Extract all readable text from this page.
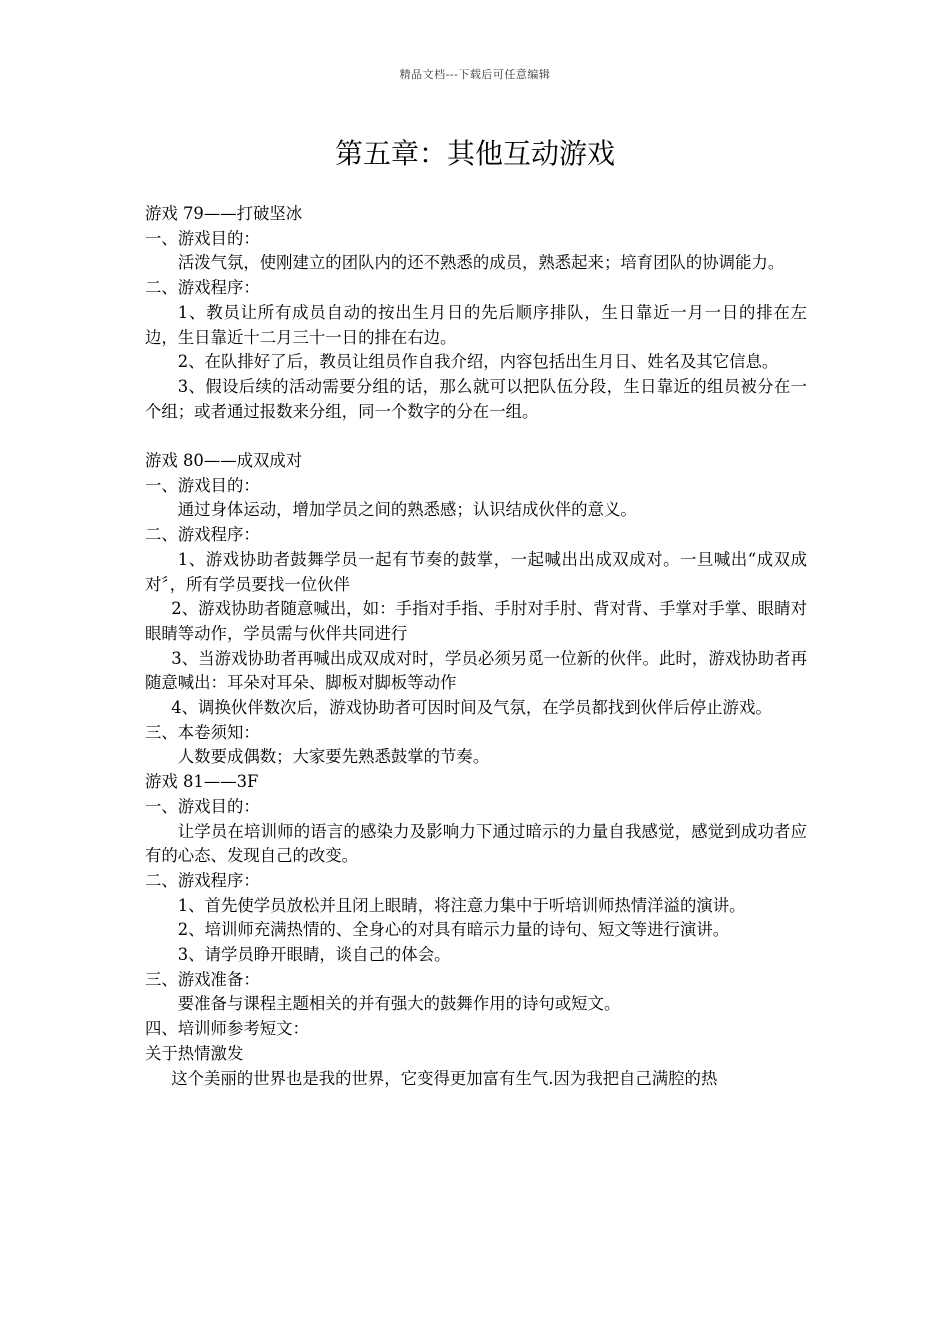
精品文档---下载后可任意编辑
第五章：其他互动游戏

游戏 79——打破坚冰

一、游戏目的：

活泼气氛，使刚建立的团队内的还不熟悉的成员，熟悉起来；培育团队的协调能力。

二、游戏程序：

1、教员让所有成员自动的按出生月日的先后顺序排队，生日靠近一月一日的排在左边，生日靠近十二月三十一日的排在右边。

2、在队排好了后，教员让组员作自我介绍，内容包括出生月日、姓名及其它信息。

3、假设后续的活动需要分组的话，那么就可以把队伍分段，生日靠近的组员被分在一个组；或者通过报数来分组，同一个数字的分在一组。

游戏 80——成双成对

一、游戏目的：

通过身体运动，增加学员之间的熟悉感；认识结成伙伴的意义。

二、游戏程序：

1、游戏协助者鼓舞学员一起有节奏的鼓掌，一起喊出出成双成对。一旦喊出“成双成对〞，所有学员要找一位伙伴

2、游戏协助者随意喊出，如：手指对手指、手肘对手肘、背对背、手掌对手掌、眼睛对眼睛等动作，学员需与伙伴共同进行

3、当游戏协助者再喊出成双成对时，学员必须另觅一位新的伙伴。此时，游戏协助者再随意喊出：耳朵对耳朵、脚板对脚板等动作

4、调换伙伴数次后，游戏协助者可因时间及气氛，在学员都找到伙伴后停止游戏。

三、本卷须知：

人数要成偶数；大家要先熟悉鼓掌的节奏。

游戏 81——3F

一、游戏目的：

让学员在培训师的语言的感染力及影响力下通过暗示的力量自我感觉，感觉到成功者应有的心态、发现自己的改变。

二、游戏程序：

1、首先使学员放松并且闭上眼睛，将注意力集中于听培训师热情洋溢的演讲。

2、培训师充满热情的、全身心的对具有暗示力量的诗句、短文等进行演讲。

3、请学员睁开眼睛，谈自己的体会。

三、游戏准备：

要准备与课程主题相关的并有强大的鼓舞作用的诗句或短文。

四、培训师参考短文：

关于热情激发

这个美丽的世界也是我的世界，它变得更加富有生气.因为我把自己满腔的热
